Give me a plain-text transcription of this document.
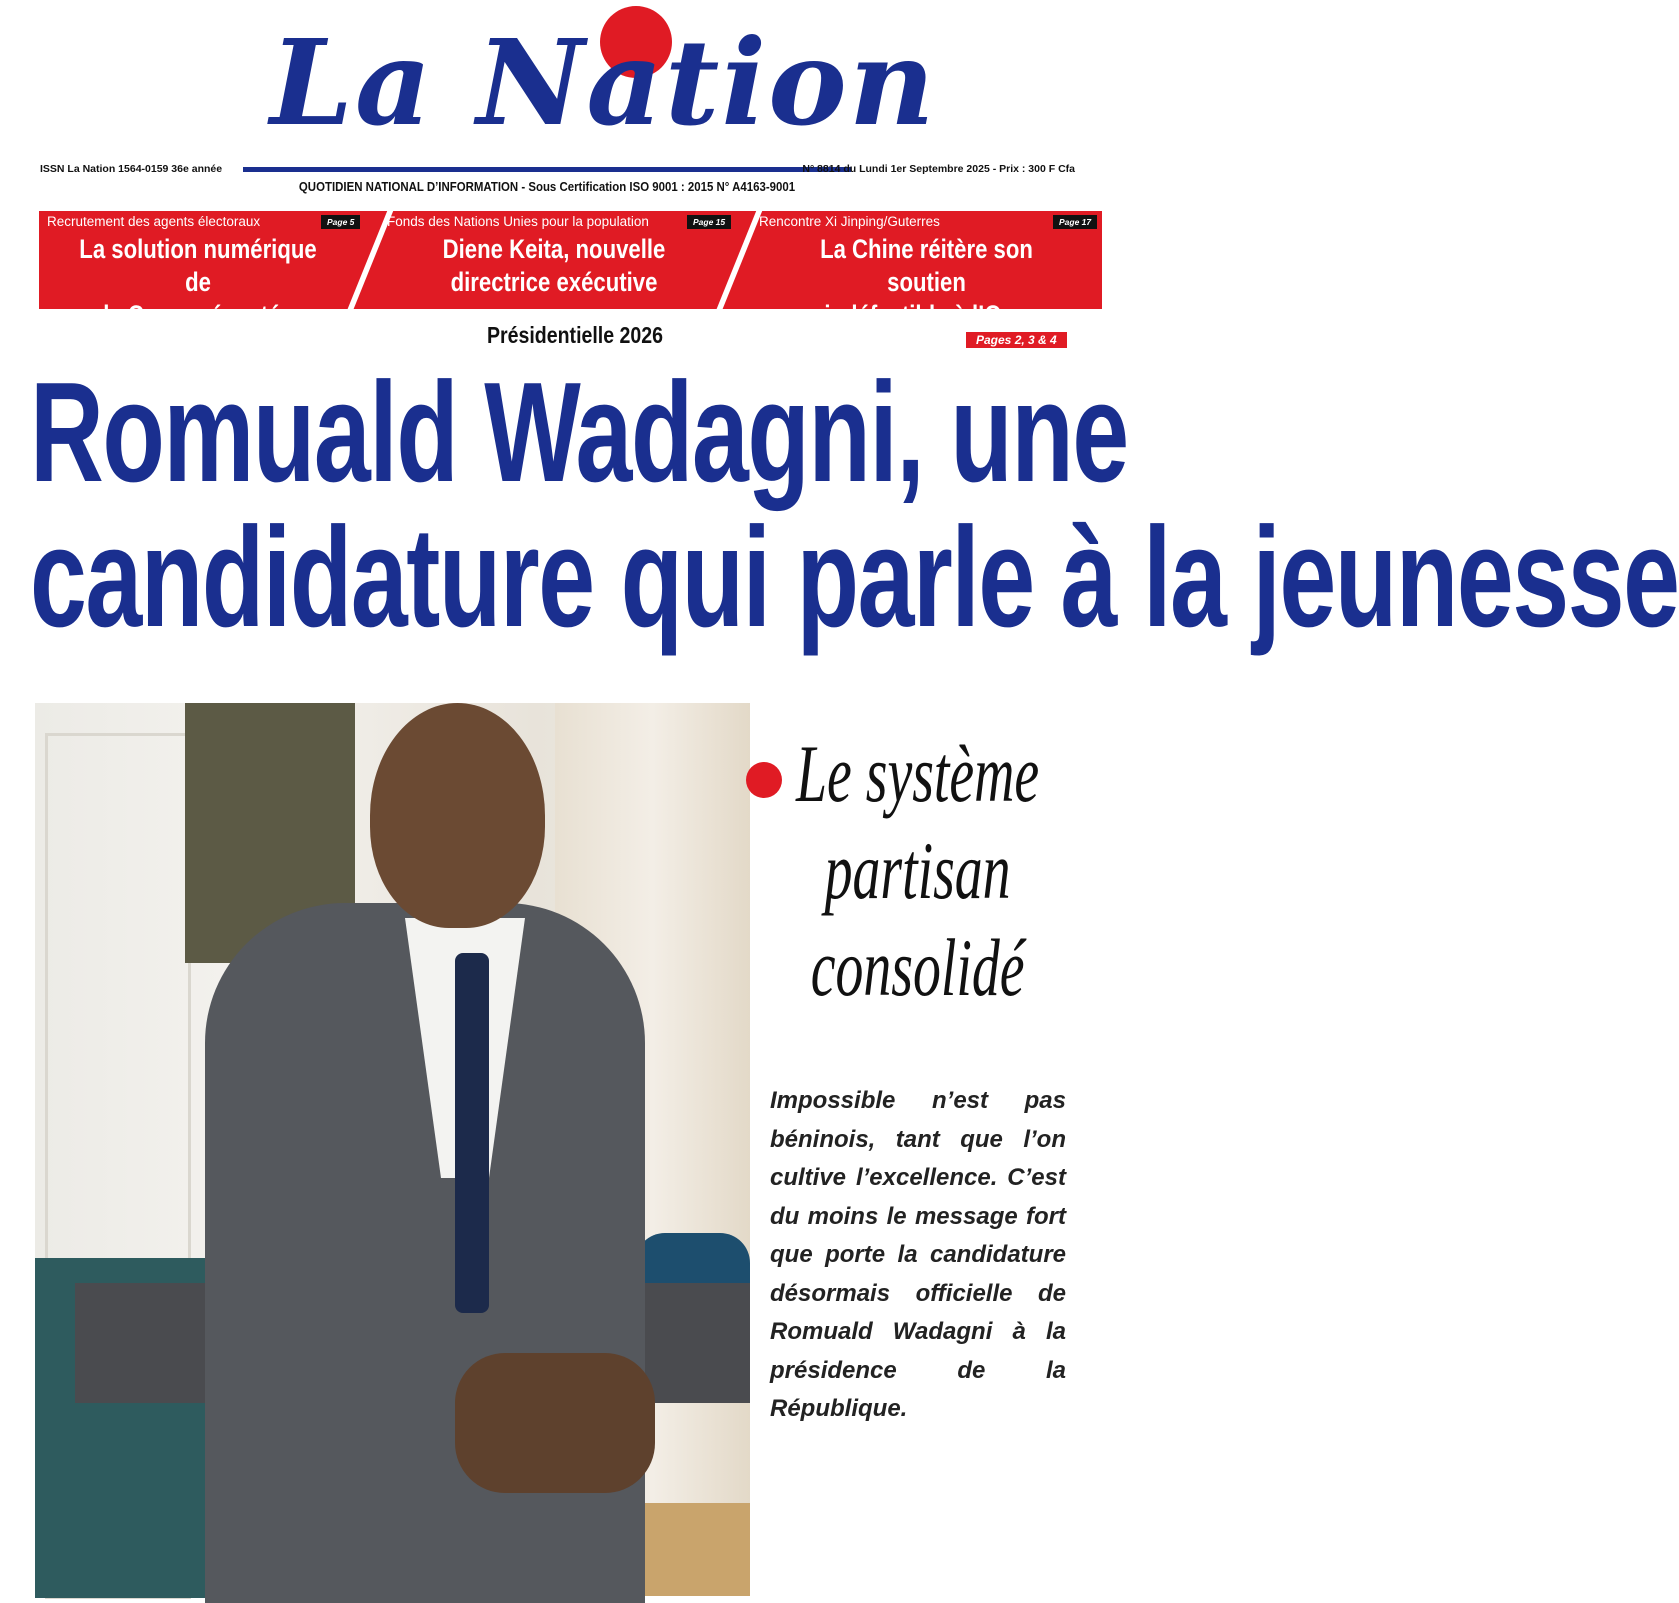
La Nation
ISSN La Nation 1564-0159 36e année	N° 8814 du Lundi 1er Septembre 2025 - Prix : 300 F Cfa
QUOTIDIEN NATIONAL D’INFORMATION - Sous Certification ISO 9001 : 2015 N° A4163-9001
Recrutement des agents électoraux	Page 5
La solution numérique de
la Cena présentée
Fonds des Nations Unies pour la population	Page 15
Diene Keita, nouvelle
directrice exécutive
Rencontre Xi Jinping/Guterres	Page 17
La Chine réitère son soutien
indéfectible à l’Onu
Présidentielle 2026	Pages 2, 3 & 4
Romuald Wadagni, une
candidature qui parle à la jeunesse
Le système
partisan
consolidé
Impossible n’est pas béninois, tant que l’on cultive l’excellence. C’est du moins le message fort que porte la candidature désormais officielle de Romuald Wadagni à la présidence de la République.
